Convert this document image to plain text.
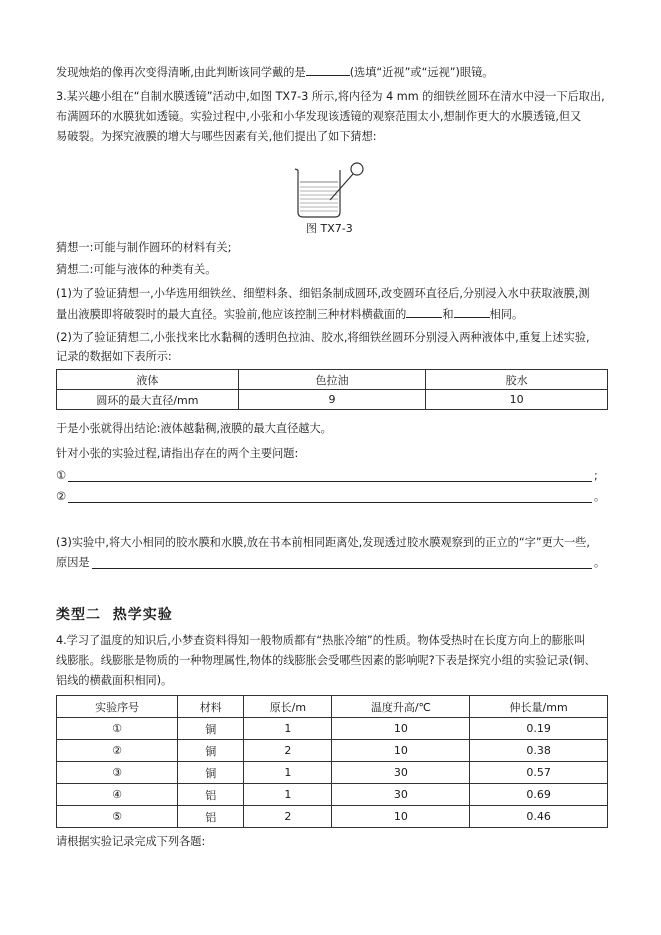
发现烛焰的像再次变得清晰,由此判断该同学戴的是	(选填“近视”或“远视”)眼镜。
3.某兴趣小组在“自制水膜透镜”活动中,如图 TX7-3 所示,将内径为 4 mm 的细铁丝圆环在清水中浸一下后取出,
布满圆环的水膜犹如透镜。实验过程中,小张和小华发现该透镜的观察范围太小,想制作更大的水膜透镜,但又
易破裂。为探究液膜的增大与哪些因素有关,他们提出了如下猜想:
图 TX7-3
猜想一:可能与制作圆环的材料有关;
猜想二:可能与液体的种类有关。
(1)为了验证猜想一,小华选用细铁丝、细塑料条、细铝条制成圆环,改变圆环直径后,分别浸入水中获取液膜,测
量出液膜即将破裂时的最大直径。实验前,他应该控制三种材料横截面的	和	相同。
(2)为了验证猜想二,小张找来比水黏稠的透明色拉油、胶水,将细铁丝圆环分别浸入两种液体中,重复上述实验,
记录的数据如下表所示:
液体	色拉油	胶水
圆环的最大直径/mm	9	10
于是小张就得出结论:液体越黏稠,液膜的最大直径越大。
针对小张的实验过程,请指出存在的两个主要问题:
①	;
②	。
(3)实验中,将大小相同的胶水膜和水膜,放在书本前相同距离处,发现透过胶水膜观察到的正立的“字”更大一些,
原因是	。
类型二 热学实验
4.学习了温度的知识后,小梦查资料得知一般物质都有“热胀冷缩”的性质。物体受热时在长度方向上的膨胀叫
线膨胀。线膨胀是物质的一种物理属性,物体的线膨胀会受哪些因素的影响呢?下表是探究小组的实验记录(铜、
铝线的横截面积相同)。
实验序号	材料	原长/m	温度升高/℃	伸长量/mm
①	铜	1	10	0.19
②	铜	2	10	0.38
③	铜	1	30	0.57
④	铝	1	30	0.69
⑤	铝	2	10	0.46
请根据实验记录完成下列各题:
